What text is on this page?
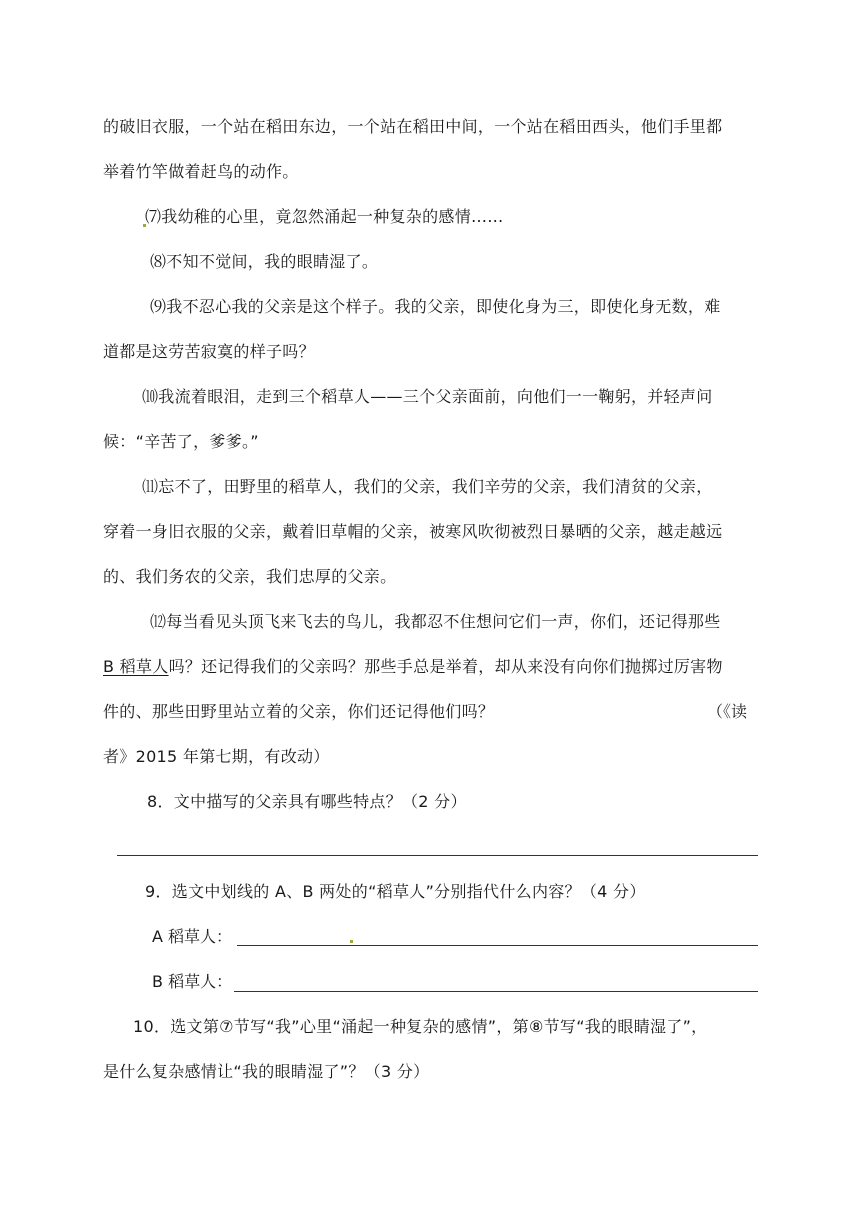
的破旧衣服，一个站在稻田东边，一个站在稻田中间，一个站在稻田西头，他们手里都
举着竹竿做着赶鸟的动作。
⑺我幼稚的心里，竟忽然涌起一种复杂的感情……
⑻不知不觉间，我的眼睛湿了。
⑼我不忍心我的父亲是这个样子。我的父亲，即使化身为三，即使化身无数，难
道都是这劳苦寂寞的样子吗？
⑽我流着眼泪，走到三个稻草人——三个父亲面前，向他们一一鞠躬，并轻声问
候：“辛苦了，爹爹。”
⑾忘不了，田野里的稻草人，我们的父亲，我们辛劳的父亲，我们清贫的父亲，
穿着一身旧衣服的父亲，戴着旧草帽的父亲，被寒风吹彻被烈日暴晒的父亲，越走越远
的、我们务农的父亲，我们忠厚的父亲。
⑿每当看见头顶飞来飞去的鸟儿，我都忍不住想问它们一声，你们，还记得那些
B 稻草人吗？还记得我们的父亲吗？那些手总是举着，却从来没有向你们抛掷过厉害物
件的、那些田野里站立着的父亲，你们还记得他们吗？	（《读
者》2015 年第七期，有改动）
8．文中描写的父亲具有哪些特点？（2 分）
9．选文中划线的 A、B 两处的“稻草人”分别指代什么内容？（4 分）
A 稻草人：
B 稻草人：
10．选文第⑦节写“我”心里“涌起一种复杂的感情”，第⑧节写“我的眼睛湿了”，
是什么复杂感情让“我的眼睛湿了”？（3 分）
